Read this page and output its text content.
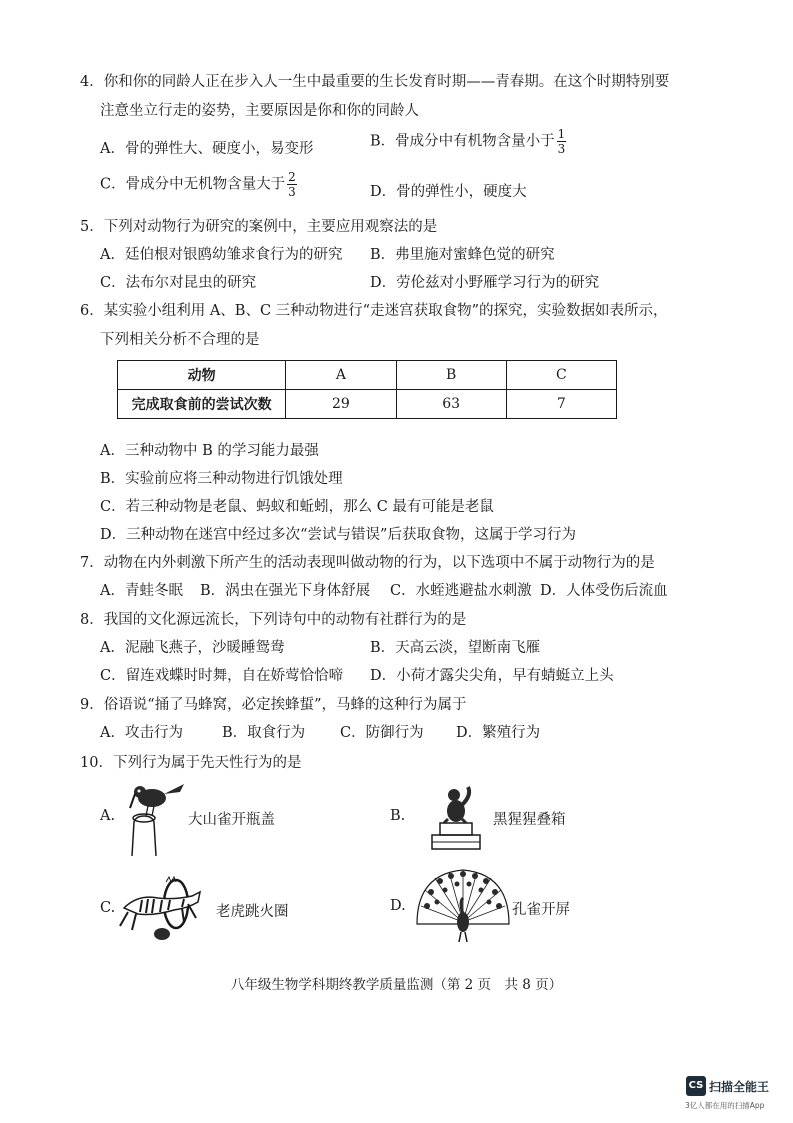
4．你和你的同龄人正在步入人一生中最重要的生长发育时期——青春期。在这个时期特别要
注意坐立行走的姿势，主要原因是你和你的同龄人
A．骨的弹性大、硬度小，易变形	B．骨成分中有机物含量小于 $\frac{1}{3}$
C．骨成分中无机物含量大于 $\frac{2}{3}$	D．骨的弹性小，硬度大
5．下列对动物行为研究的案例中，主要应用观察法的是
A．廷伯根对银鸥幼雏求食行为的研究 B．弗里施对蜜蜂色觉的研究
C．法布尔对昆虫的研究	D．劳伦兹对小野雁学习行为的研究
6．某实验小组利用 A、B、C 三种动物进行“走迷宫获取食物”的探究，实验数据如表所示，
下列相关分析不合理的是
动物	A	B	C
完成取食前的尝试次数	29	63	7
A．三种动物中 B 的学习能力最强
B．实验前应将三种动物进行饥饿处理
C．若三种动物是老鼠、蚂蚁和蚯蚓，那么 C 最有可能是老鼠
D．三种动物在迷宫中经过多次“尝试与错误”后获取食物，这属于学习行为
7．动物在内外刺激下所产生的活动表现叫做动物的行为，以下选项中不属于动物行为的是
A．青蛙冬眠 B．涡虫在强光下身体舒展 C．水蛭逃避盐水刺激 D．人体受伤后流血
8．我国的文化源远流长，下列诗句中的动物有社群行为的是
A．泥融飞燕子，沙暖睡鸳鸯	B．天高云淡，望断南飞雁
C．留连戏蝶时时舞，自在娇莺恰恰啼 D．小荷才露尖尖角，早有蜻蜓立上头
9．俗语说“捅了马蜂窝，必定挨蜂蜇”，马蜂的这种行为属于
A．攻击行为	B．取食行为 C．防御行为 D．繁殖行为
10．下列行为属于先天性行为的是
A.	大山雀开瓶盖	B.	黑猩猩叠箱
C.	老虎跳火圈	D.	孔雀开屏
八年级生物学科期终教学质量监测（第 2 页　共 8 页）
CS 扫描全能王
3亿人都在用的扫描App
